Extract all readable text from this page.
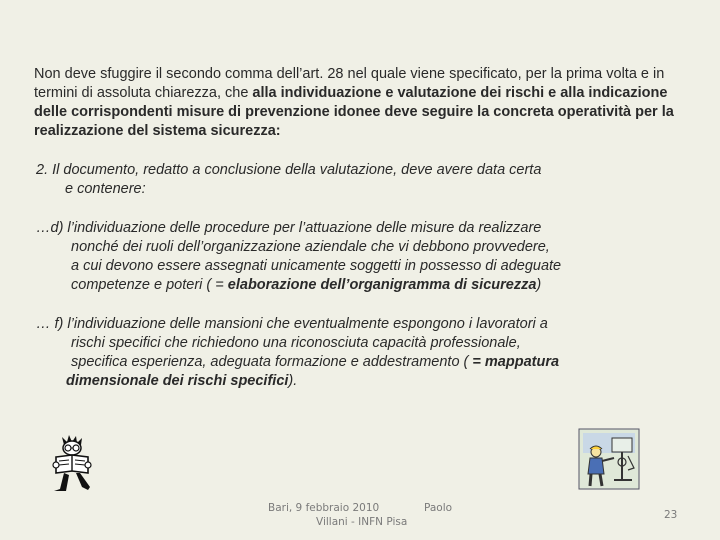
Non deve sfuggire il secondo comma dell’art. 28 nel quale viene specificato, per la prima volta e in termini di assoluta chiarezza, che alla individuazione e valutazione dei rischi e alla indicazione delle corrispondenti misure di prevenzione idonee deve seguire la concreta operatività per la realizzazione del sistema sicurezza:

2. Il documento, redatto a conclusione della valutazione, deve avere data certa
e contenere:

…d) l’individuazione delle procedure per l’attuazione delle misure da realizzare
nonché dei ruoli dell’organizzazione aziendale che vi debbono provvedere,
a cui devono essere assegnati unicamente soggetti in possesso di adeguate
competenze e poteri ( = elaborazione dell’organigramma di sicurezza)

… f) l’individuazione delle mansioni che eventualmente espongono i lavoratori a
rischi specifici che richiedono una riconosciuta capacità professionale,
specifica esperienza, adeguata formazione e addestramento ( = mappatura
dimensionale dei rischi specifici).

Bari, 9 febbraio 2010	Paolo
Villani - INFN Pisa
23
